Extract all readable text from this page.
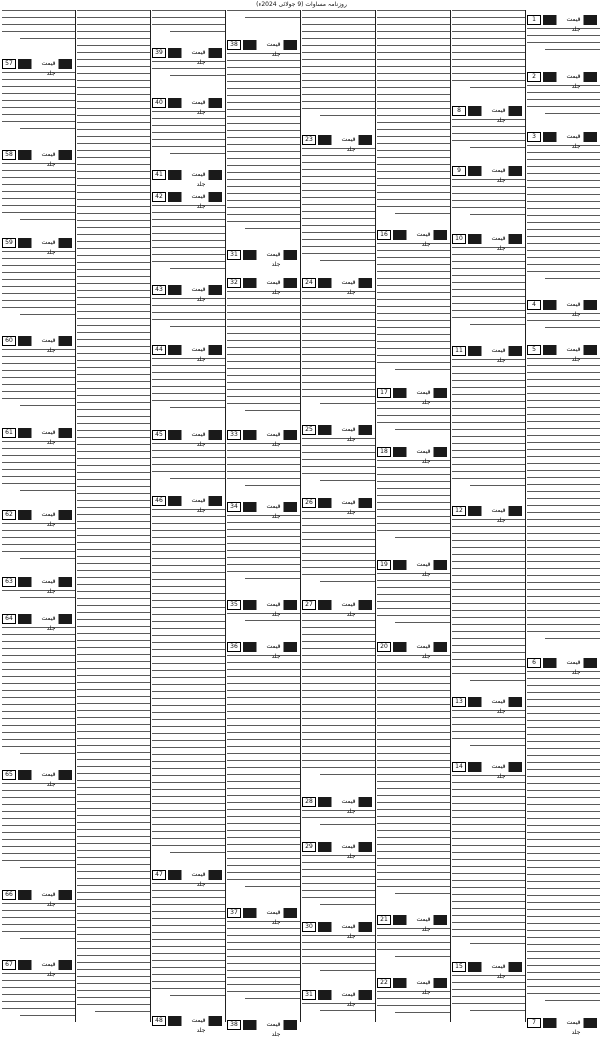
روزنامہ مساوات (9 جولائی 2024ء)
57	قیمت جلد
58	قیمت جلد
59	قیمت جلد
60	قیمت جلد
61	قیمت جلد
62	قیمت جلد
63	قیمت جلد
64	قیمت جلد
65	قیمت جلد
66	قیمت جلد
67	قیمت جلد
39	قیمت جلد
40	قیمت جلد
41	قیمت جلد
42	قیمت جلد
43	قیمت جلد
44	قیمت جلد
45	قیمت جلد
46	قیمت جلد
47	قیمت جلد
48	قیمت جلد
38	قیمت جلد
31	قیمت جلد
32	قیمت جلد
33	قیمت جلد
34	قیمت جلد
35	قیمت جلد
36	قیمت جلد
37	قیمت جلد
38	قیمت جلد
23	قیمت جلد
24	قیمت جلد
25	قیمت جلد
26	قیمت جلد
27	قیمت جلد
28	قیمت جلد
29	قیمت جلد
30	قیمت جلد
31	قیمت جلد
16	قیمت جلد
17	قیمت جلد
18	قیمت جلد
19	قیمت جلد
20	قیمت جلد
21	قیمت جلد
22	قیمت جلد
8	قیمت جلد
9	قیمت جلد
10	قیمت جلد
11	قیمت جلد
12	قیمت جلد
13	قیمت جلد
14	قیمت جلد
15	قیمت جلد
1	قیمت جلد
2	قیمت جلد
3	قیمت جلد
4	قیمت جلد
5	قیمت جلد
6	قیمت جلد
7	قیمت جلد
